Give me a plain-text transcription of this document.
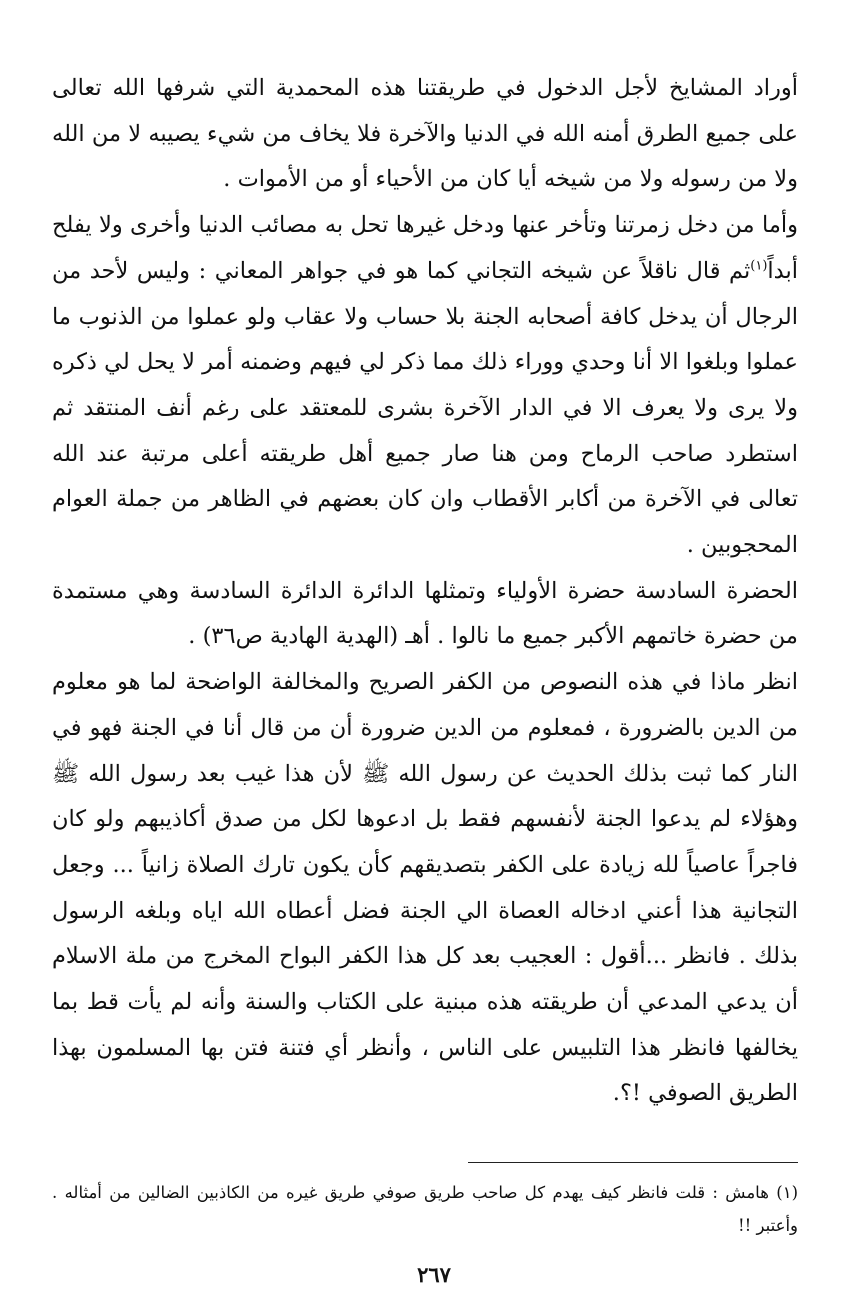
أوراد المشايخ لأجل الدخول في طريقتنا هذه المحمدية التي شرفها الله تعالى على جميع الطرق أمنه الله في الدنيا والآخرة فلا يخاف من شيء يصيبه لا من الله ولا من رسوله ولا من شيخه أيا كان من الأحياء أو من الأموات .

وأما من دخل زمرتنا وتأخر عنها ودخل غيرها تحل به مصائب الدنيا وأخرى ولا يفلح أبداً$^{(١)}$ثم قال ناقلاً عن شيخه التجاني كما هو في جواهر المعاني : وليس لأحد من الرجال أن يدخل كافة أصحابه الجنة بلا حساب ولا عقاب ولو عملوا من الذنوب ما عملوا وبلغوا الا أنا وحدي ووراء ذلك مما ذكر لي فيهم وضمنه أمر لا يحل لي ذكره ولا يرى ولا يعرف الا في الدار الآخرة بشرى للمعتقد على رغم أنف المنتقد ثم استطرد صاحب الرماح ومن هنا صار جميع أهل طريقته أعلى مرتبة عند الله تعالى في الآخرة من أكابر الأقطاب وان كان بعضهم في الظاهر من جملة العوام المحجوبين .

الحضرة السادسة حضرة الأولياء وتمثلها الدائرة الدائرة السادسة وهي مستمدة من حضرة خاتمهم الأكبر جميع ما نالوا . أهـ (الهدية الهادية ص٣٦) .

انظر ماذا في هذه النصوص من الكفر الصريح والمخالفة الواضحة لما هو معلوم من الدين بالضرورة ، فمعلوم من الدين ضرورة أن من قال أنا في الجنة فهو في النار كما ثبت بذلك الحديث عن رسول الله ﷺ لأن هذا غيب بعد رسول الله ﷺ وهؤلاء لم يدعوا الجنة لأنفسهم فقط بل ادعوها لكل من صدق أكاذيبهم ولو كان فاجراً عاصياً لله زيادة على الكفر بتصديقهم كأن يكون تارك الصلاة زانياً ... وجعل التجانية هذا أعني ادخاله العصاة الي الجنة فضل أعطاه الله اياه وبلغه الرسول بذلك . فانظر ...أقول : العجيب بعد كل هذا الكفر البواح المخرج من ملة الاسلام أن يدعي المدعي أن طريقته هذه مبنية على الكتاب والسنة وأنه لم يأت قط بما يخالفها فانظر هذا التلبيس على الناس ، وأنظر أي فتنة فتن بها المسلمون بهذا الطريق الصوفي !؟.

(١) هامش : قلت فانظر كيف يهدم كل صاحب طريق صوفي طريق غيره من الكاذبين الضالين من أمثاله . وأعتبر !!

٢٦٧
